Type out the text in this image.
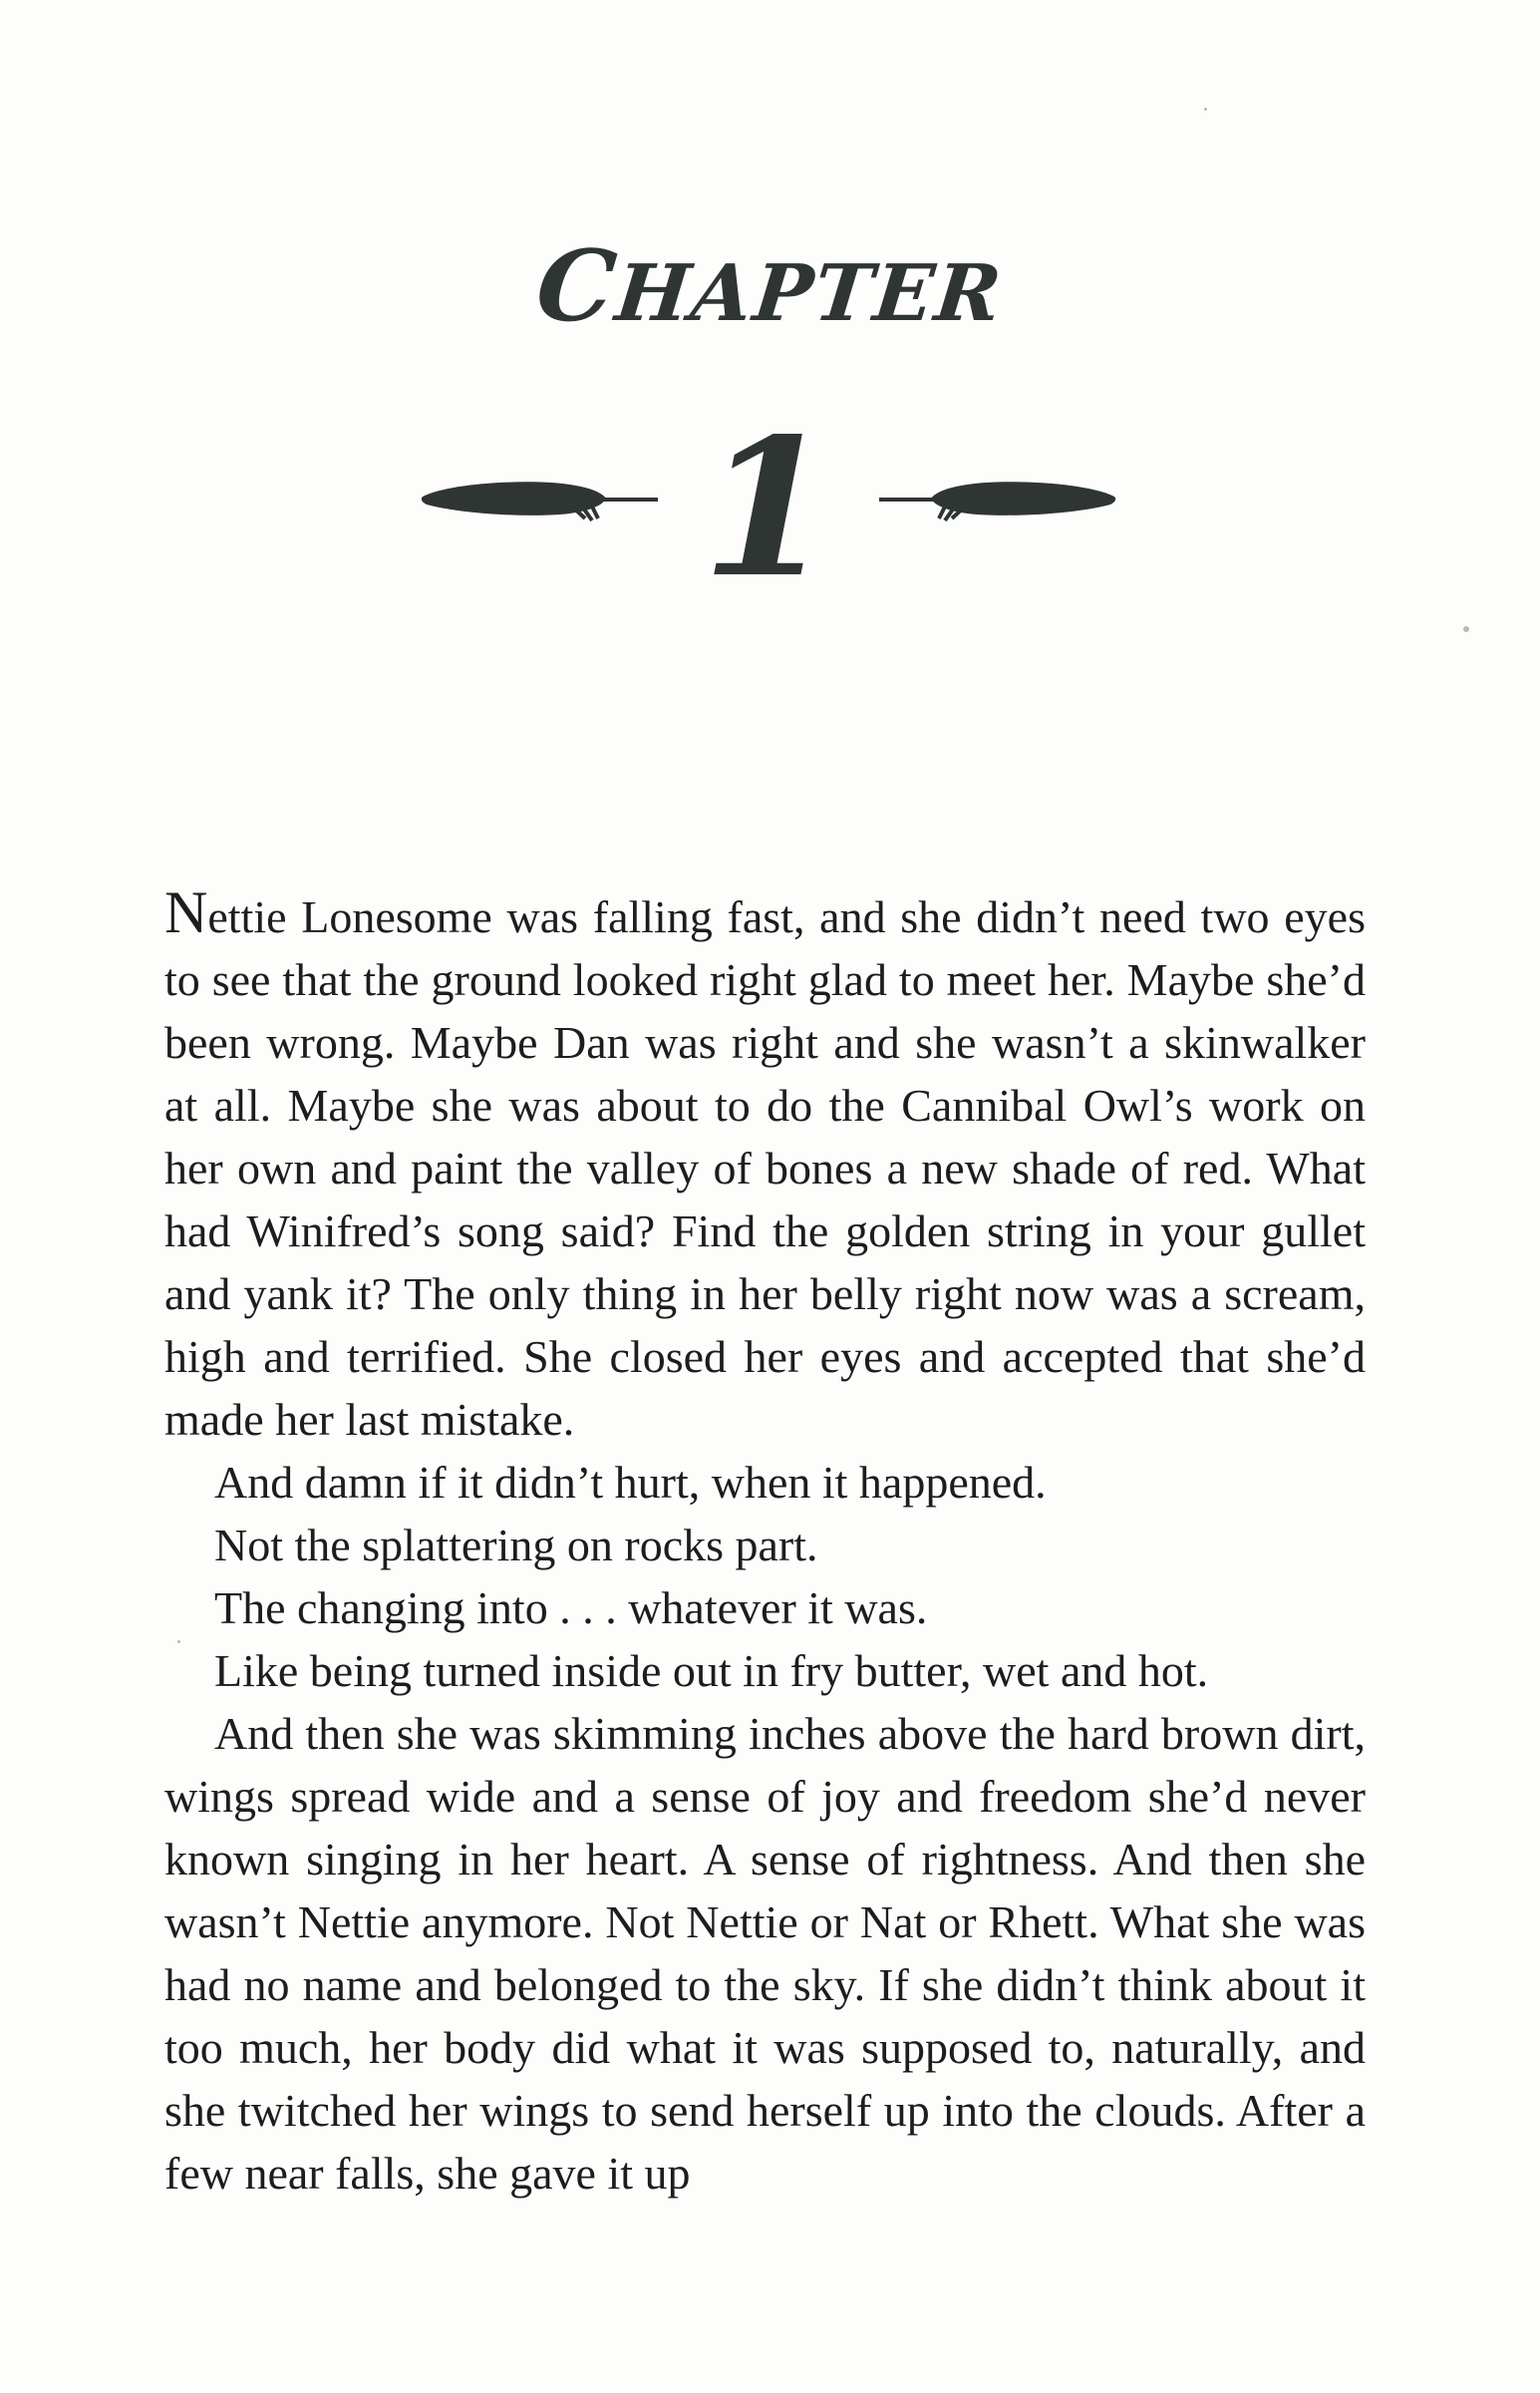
CHAPTER
1

Nettie Lonesome was falling fast, and she didn’t need two eyes to see that the ground looked right glad to meet her. Maybe she’d been wrong. Maybe Dan was right and she wasn’t a skinwalker at all. Maybe she was about to do the Cannibal Owl’s work on her own and paint the valley of bones a new shade of red. What had Winifred’s song said? Find the golden string in your gullet and yank it? The only thing in her belly right now was a scream, high and terrified. She closed her eyes and accepted that she’d made her last mistake.

And damn if it didn’t hurt, when it happened.

Not the splattering on rocks part.

The changing into . . . whatever it was.

Like being turned inside out in fry butter, wet and hot.

And then she was skimming inches above the hard brown dirt, wings spread wide and a sense of joy and freedom she’d never known singing in her heart. A sense of rightness. And then she wasn’t Nettie anymore. Not Nettie or Nat or Rhett. What she was had no name and belonged to the sky. If she didn’t think about it too much, her body did what it was supposed to, naturally, and she twitched her wings to send herself up into the clouds. After a few near falls, she gave it up
